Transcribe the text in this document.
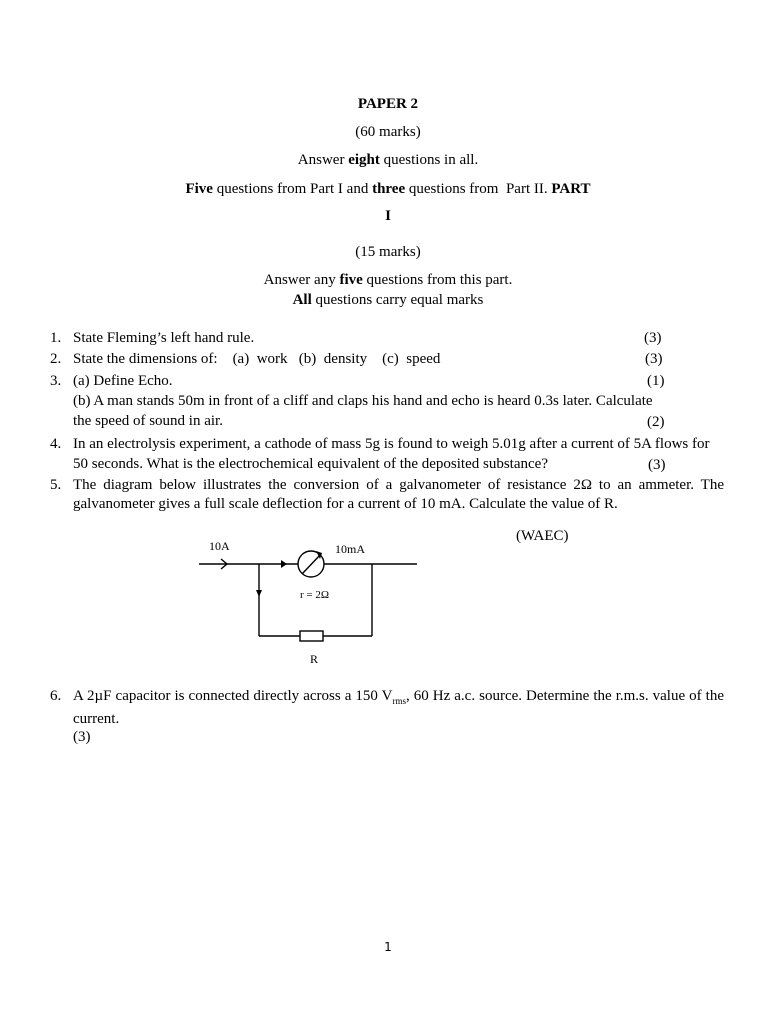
PAPER 2
(60 marks)
Answer eight questions in all.
Five questions from Part I and three questions from  Part II. PART
I
(15 marks)
Answer any five questions from this part.
All questions carry equal marks
1. State Fleming’s left hand rule.	(3)
2. State the dimensions of:    (a)  work   (b)  density    (c)  speed	(3)
3. (a) Define Echo.	(1)
(b) A man stands 50m in front of a cliff and claps his hand and echo is heard 0.3s later. Calculate
the speed of sound in air.	(2)
4. In an electrolysis experiment, a cathode of mass 5g is found to weigh 5.01g after a current of 5A flows for
50 seconds. What is the electrochemical equivalent of the deposited substance?	(3)
5. The diagram below illustrates the conversion of a galvanometer of resistance 2Ω to an ammeter. The galvanometer gives a full scale deflection for a current of 10 mA. Calculate the value of R.
(WAEC)
10A	10mA
r = 2Ω
R
6. A 2µF capacitor is connected directly across a 150 $V_{rms}$, 60 Hz a.c. source. Determine the r.m.s. value of the current.
(3)
1
